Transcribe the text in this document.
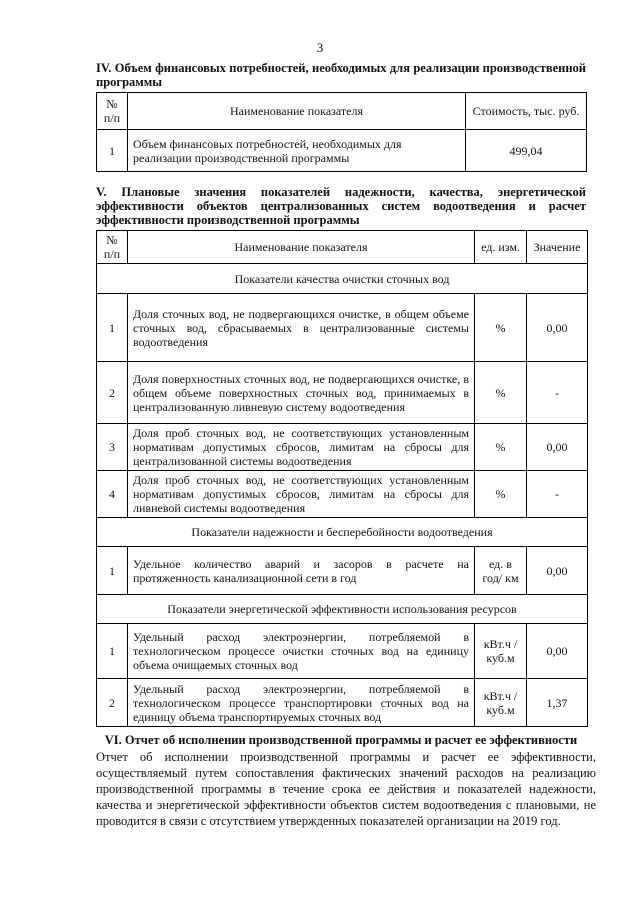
3
IV. Объем финансовых потребностей, необходимых для реализации производственной программы
№ п/п	Наименование показателя	Стоимость, тыс. руб.
1	Объем финансовых потребностей, необходимых для реализации производственной программы	499,04
V. Плановые значения показателей надежности, качества, энергетической эффективности объектов централизованных систем водоотведения и расчет эффективности производственной программы
№ п/п	Наименование показателя	ед. изм.	Значение
Показатели качества очистки сточных вод			
1	Доля сточных вод, не подвергающихся очистке, в общем объеме сточных вод, сбрасываемых в централизованные системы водоотведения	%	0,00
2	Доля поверхностных сточных вод, не подвергающихся очистке, в общем объеме поверхностных сточных вод, принимаемых в централизованную ливневую систему водоотведения	%	-
3	Доля проб сточных вод, не соответствующих установленным нормативам допустимых сбросов, лимитам на сбросы для централизованной системы водоотведения	%	0,00
4	Доля проб сточных вод, не соответствующих установленным нормативам допустимых сбросов, лимитам на сбросы для ливневой системы водоотведения	%	-
Показатели надежности и бесперебойности водоотведения			
1	Удельное количество аварий и засоров в расчете на протяженность канализационной сети в год	ед. в год/ км	0,00
Показатели энергетической эффективности использования ресурсов			
1	Удельный расход электроэнергии, потребляемой в технологическом процессе очистки сточных вод на единицу объема очищаемых сточных вод	кВт.ч / куб.м	0,00
2	Удельный расход электроэнергии, потребляемой в технологическом процессе транспортировки сточных вод на единицу объема транспортируемых сточных вод	кВт.ч / куб.м	1,37
VI. Отчет об исполнении производственной программы и расчет ее эффективности
Отчет об исполнении производственной программы и расчет ее эффективности, осуществляемый путем сопоставления фактических значений расходов на реализацию производственной программы в течение срока ее действия и показателей надежности, качества и энергетической эффективности объектов систем водоотведения с плановыми, не проводится в связи с отсутствием утвержденных показателей организации на 2019 год.
